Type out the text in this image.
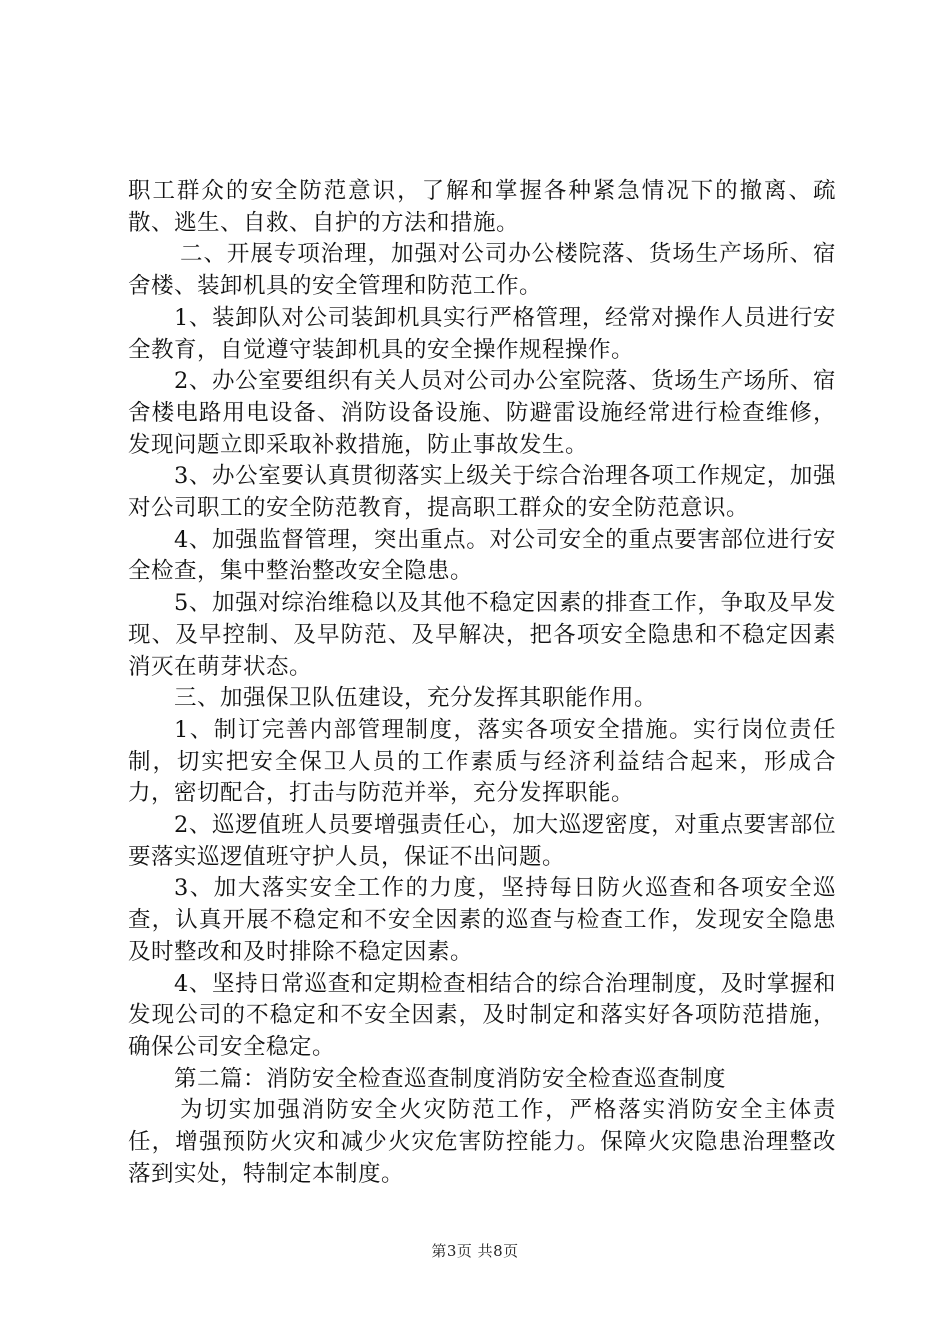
职工群众的安全防范意识，了解和掌握各种紧急情况下的撤离、疏散、逃生、自救、自护的方法和措施。

二、开展专项治理，加强对公司办公楼院落、货场生产场所、宿舍楼、装卸机具的安全管理和防范工作。

1、装卸队对公司装卸机具实行严格管理，经常对操作人员进行安全教育，自觉遵守装卸机具的安全操作规程操作。

2、办公室要组织有关人员对公司办公室院落、货场生产场所、宿舍楼电路用电设备、消防设备设施、防避雷设施经常进行检查维修，发现问题立即采取补救措施，防止事故发生。

3、办公室要认真贯彻落实上级关于综合治理各项工作规定，加强对公司职工的安全防范教育，提高职工群众的安全防范意识。

4、加强监督管理，突出重点。对公司安全的重点要害部位进行安全检查，集中整治整改安全隐患。

5、加强对综治维稳以及其他不稳定因素的排查工作，争取及早发现、及早控制、及早防范、及早解决，把各项安全隐患和不稳定因素消灭在萌芽状态。

三、加强保卫队伍建设，充分发挥其职能作用。

1、制订完善内部管理制度，落实各项安全措施。实行岗位责任制，切实把安全保卫人员的工作素质与经济利益结合起来，形成合力，密切配合，打击与防范并举，充分发挥职能。

2、巡逻值班人员要增强责任心，加大巡逻密度，对重点要害部位要落实巡逻值班守护人员，保证不出问题。

3、加大落实安全工作的力度，坚持每日防火巡查和各项安全巡查，认真开展不稳定和不安全因素的巡查与检查工作，发现安全隐患及时整改和及时排除不稳定因素。

4、坚持日常巡查和定期检查相结合的综合治理制度，及时掌握和发现公司的不稳定和不安全因素，及时制定和落实好各项防范措施，确保公司安全稳定。

第二篇：消防安全检查巡查制度消防安全检查巡查制度

为切实加强消防安全火灾防范工作，严格落实消防安全主体责任，增强预防火灾和减少火灾危害防控能力。保障火灾隐患治理整改落到实处，特制定本制度。

第3页 共8页
